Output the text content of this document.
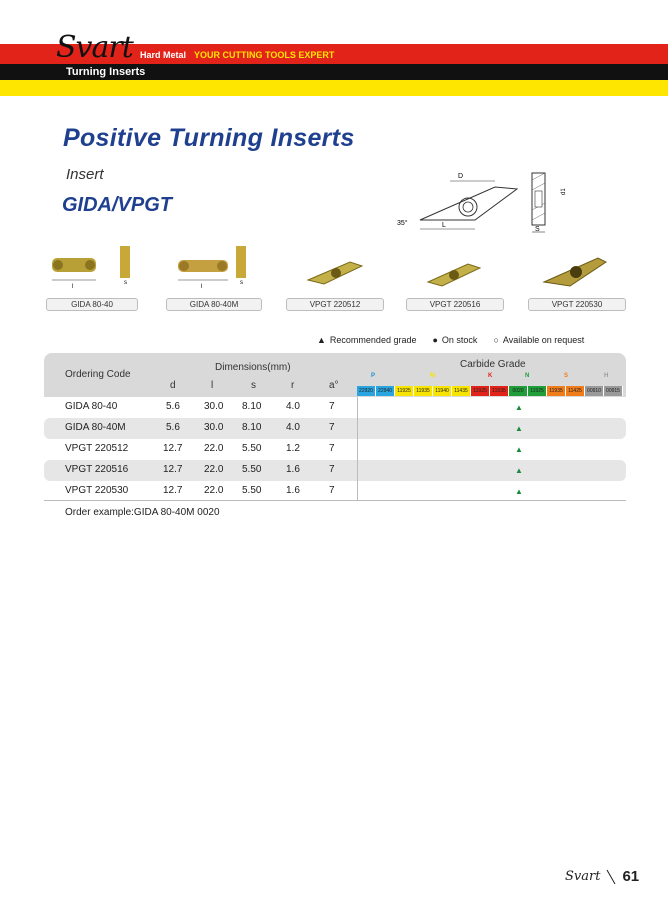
Svart Hard Metal YOUR CUTTING TOOLS EXPERT
Turning Inserts
Positive Turning Inserts
Insert
GIDA/VPGT
D
L
35°
S
d1
l
s
l
s
GIDA 80-40	GIDA 80-40M	VPGT 220512	VPGT 220516	VPGT 220530
▲ Recommended grade ● On stock ○ Available on request
Ordering Code
Dimensions(mm)	Carbide Grade
d	l	s	r	a°
P	M	K	N	S	H
22920	22940	11925	11935	11940	11435	11925	11935	0020	11925	11935	11425	00910	00915
GIDA 80-40	5.6 30.0 8.10 4.0	7	▲
GIDA 80-40M	5.6 30.0 8.10 4.0	7	▲
VPGT 220512	12.7 22.0 5.50 1.2	7	▲
VPGT 220516	12.7 22.0 5.50 1.6	7	▲
VPGT 220530	12.7 22.0 5.50 1.6	7	▲
Order example:GIDA 80-40M 0020
Svart 61
